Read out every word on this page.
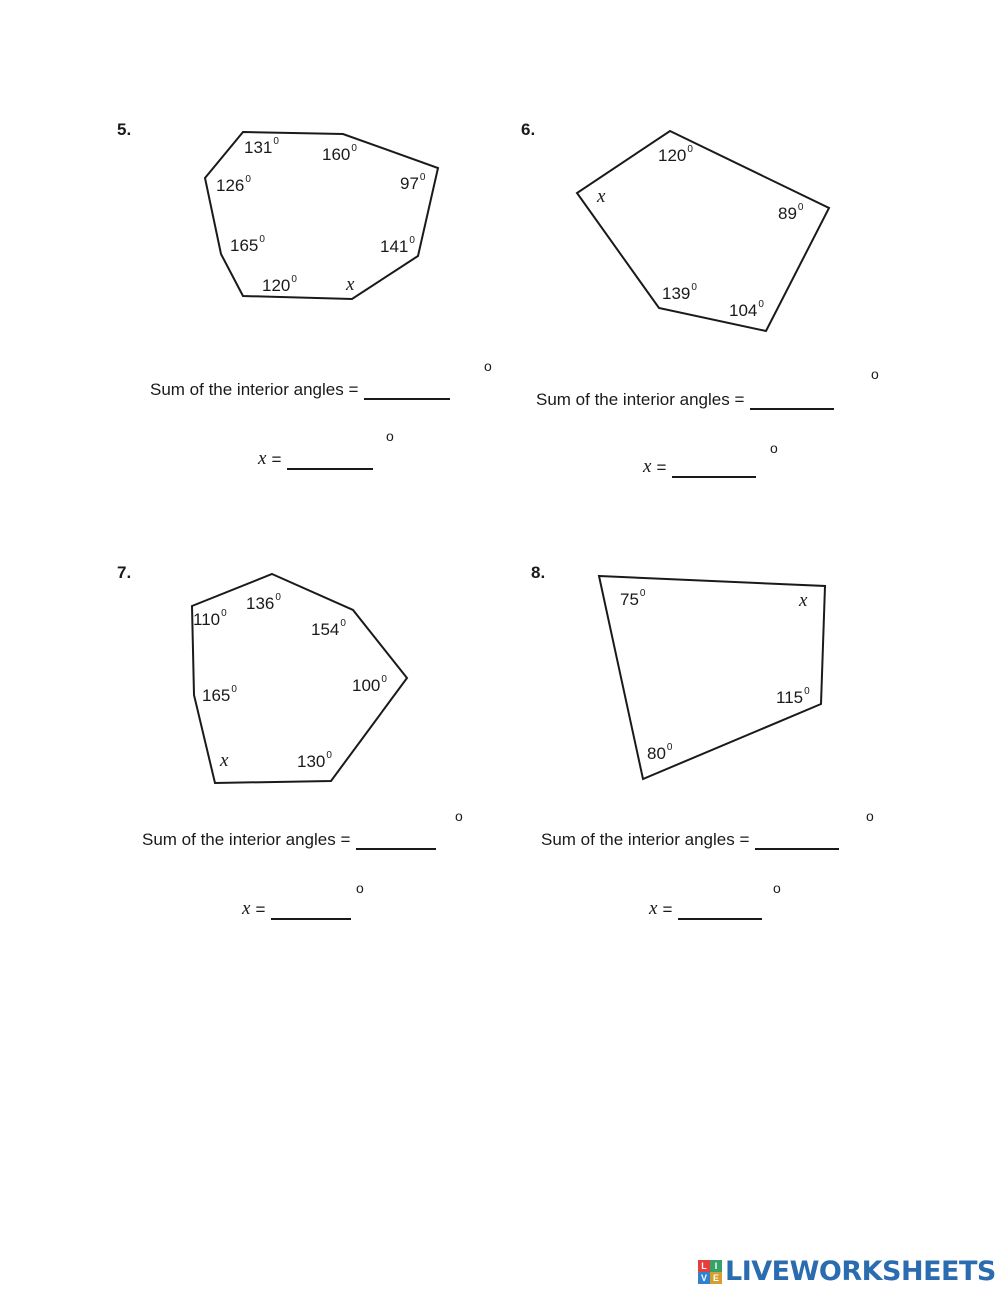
5.
$131^0$
$160^0$
$126^0$	$97^0$
$165^0$	$141^0$
$120^0$	x
Sum of the interior angles =
o
x =
o
6.
$120^0$
$89^0$
$139^0$
$104^0$
x
Sum of the interior angles =
o
x =
o
7.
$110^0$
$136^0$
$154^0$
$165^0$	$100^0$
$130^0$
x
Sum of the interior angles =
o
x =
o
8.
$75^0$
$115^0$
$80^0$
x
Sum of the interior angles =
o
x =
o
L I
V E LIVEWORKSHEETS
